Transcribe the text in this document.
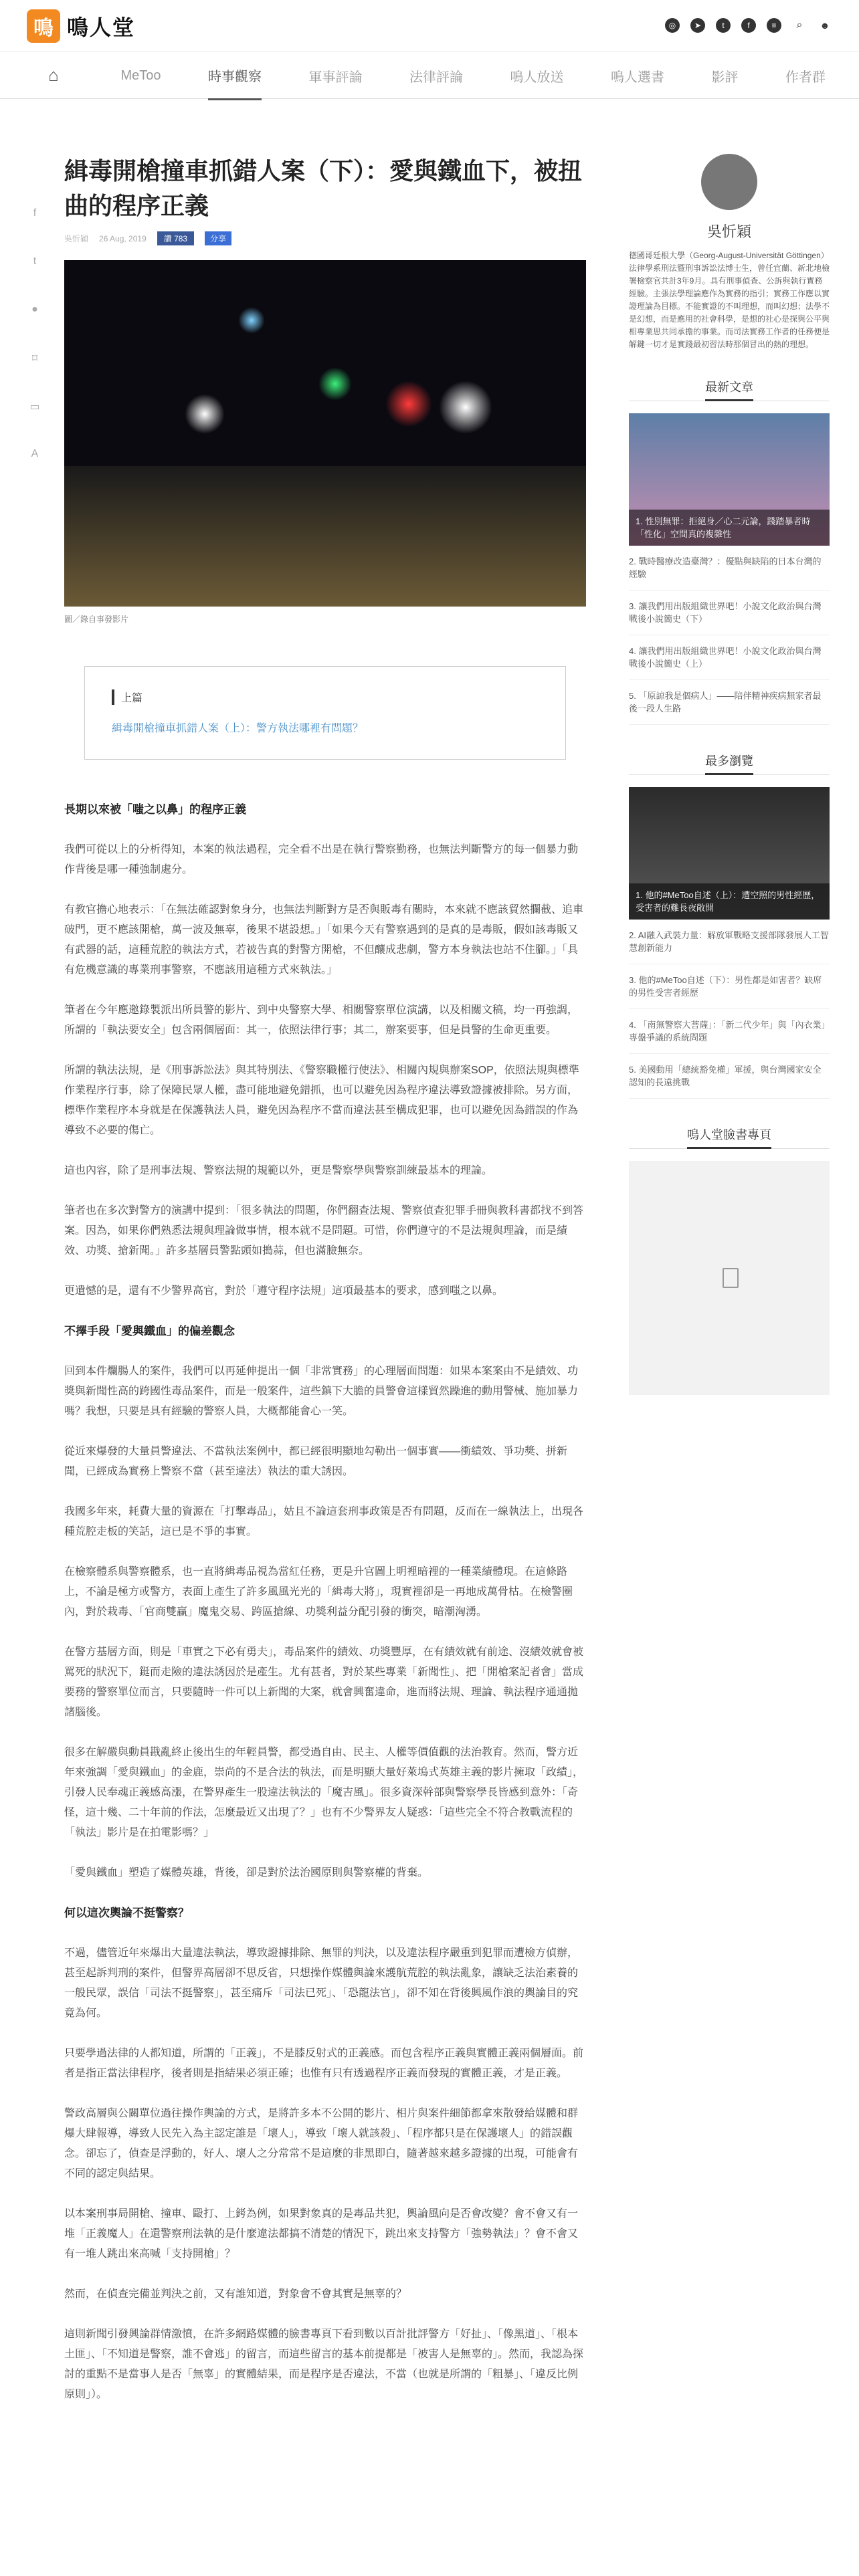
鳴 鳴人堂	◎	➤	t	f	≡	⌕	☻
⌂	MeToo	時事觀察	軍事評論	法律評論	鳴人放送	鳴人選書	影評	作者群
f
t
●
⌑
▭
A
緝毒開槍撞車抓錯人案（下）：愛與鐵血下，被扭曲的程序正義
吳忻穎 26 Aug, 2019	讚 783	分享
圖／錄自事發影片
上篇
緝毒開槍撞車抓錯人案（上）：警方執法哪裡有問題？
長期以來被「嗤之以鼻」的程序正義

我們可從以上的分析得知，本案的執法過程，完全看不出是在執行警察勤務，也無法判斷警方的每一個暴力動作背後是哪一種強制處分。

有教官擔心地表示：「在無法確認對象身分，也無法判斷對方是否與販毒有關時，本來就不應該貿然攔截、追車破門，更不應該開槍，萬一波及無辜，後果不堪設想。」「如果今天有警察遇到的是真的是毒販，假如該毒販又有武器的話，這種荒腔的執法方式，若被告真的對警方開槍，不但釀成悲劇，警方本身執法也站不住腳。」「具有危機意識的專業刑事警察，不應該用這種方式來執法。」

筆者在今年應邀錄製派出所員警的影片、到中央警察大學、相關警察單位演講，以及相關文稿，均一再強調，所謂的「執法要安全」包含兩個層面：其一，依照法律行事；其二，辦案要事，但是員警的生命更重要。

所謂的執法法規，是《刑事訴訟法》與其特別法、《警察職權行使法》、相關內規與辦案SOP，依照法規與標準作業程序行事，除了保障民眾人權，盡可能地避免錯抓，也可以避免因為程序違法導致證據被排除。另方面，標準作業程序本身就是在保護執法人員，避免因為程序不當而違法甚至構成犯罪，也可以避免因為錯誤的作為導致不必要的傷亡。

這也內容，除了是刑事法規、警察法規的規範以外，更是警察學與警察訓練最基本的理論。

筆者也在多次對警方的演講中提到：「很多執法的問題，你們翻查法規、警察偵查犯罪手冊與教科書都找不到答案。因為，如果你們熟悉法規與理論做事情，根本就不是問題。可惜，你們遵守的不是法規與理論，而是績效、功獎、搶新聞。」許多基層員警點頭如搗蒜，但也滿臉無奈。

更遺憾的是，還有不少警界高官，對於「遵守程序法規」這項最基本的要求，感到嗤之以鼻。

不擇手段「愛與鐵血」的偏差觀念

回到本件爛腸人的案件，我們可以再延伸提出一個「非常實務」的心理層面問題：如果本案案由不是績效、功獎與新聞性高的跨國性毒品案件，而是一般案件，這些鎮下大膽的員警會這樣貿然躁進的動用警械、施加暴力嗎？我想，只要是具有經驗的警察人員，大概都能會心一笑。

從近來爆發的大量員警違法、不當執法案例中，都已經很明顯地勾勒出一個事實——衝績效、爭功獎、拼新聞，已經成為實務上警察不當（甚至違法）執法的重大誘因。

我國多年來，耗費大量的資源在「打擊毒品」，姑且不論這套刑事政策是否有問題，反而在一線執法上，出現各種荒腔走板的笑話，這已是不爭的事實。

在檢察體系與警察體系，也一直將緝毒品視為當紅任務，更是升官圖上明裡暗裡的一種業績體現。在這條路上，不論是極方或警方，表面上產生了許多風風光光的「緝毒大將」，現實裡卻是一再地成萬骨枯。在檢警圈內，對於栽毒、「官商雙贏」魔鬼交易、跨區搶線、功獎利益分配引發的衝突，暗潮洶湧。

在警方基層方面，則是「車實之下必有勇夫」，毒品案件的績效、功獎豐厚，在有績效就有前途、沒績效就會被罵死的狀況下，鋌而走險的違法誘因於是產生。尤有甚者，對於某些專業「新聞性」、把「開槍案記者會」當成要務的警察單位而言，只要隨時一件可以上新聞的大案，就會興奮違命，進而將法規、理論、執法程序通通拋諸腦後。

很多在解嚴與動員戡亂終止後出生的年輕員警，都受過自由、民主、人權等價值觀的法治教育。然而，警方近年來強調「愛與鐵血」的金鹿，崇尚的不是合法的執法，而是明顯大量好萊塢式英雄主義的影片擁取「政績」，引發人民奉魂正義感高漲，在警界產生一股違法執法的「魔吉風」。很多資深幹部與警察學長皆感到意外：「奇怪，這十幾、二十年前的作法，怎麼最近又出現了？」也有不少警界友人疑惑：「這些完全不符合教戰流程的「執法」影片是在拍電影嗎？」

「愛與鐵血」塑造了媒體英雄，背後，卻是對於法治國原則與警察權的背棄。

何以這次輿論不挺警察？

不過，儘管近年來爆出大量違法執法，導致證據排除、無罪的判決，以及違法程序嚴重到犯罪而遭檢方偵辦，甚至起訴判刑的案件，但警界高層卻不思反省，只想操作媒體與論來護航荒腔的執法亂象，讓缺乏法治素養的一般民眾，誤信「司法不挺警察」，甚至痛斥「司法已死」、「恐龍法官」，卻不知在背後興風作浪的輿論目的究竟為何。

只要學過法律的人都知道，所謂的「正義」，不是膝反射式的正義感。而包含程序正義與實體正義兩個層面。前者是指正當法律程序，後者則是指結果必須正確；也惟有只有透過程序正義而發現的實體正義，才是正義。

警政高層與公關單位過往操作輿論的方式，是將許多本不公開的影片、相片與案件細節都拿來散發給媒體和群爆大肆報導，導致人民先入為主認定誰是「壞人」，導致「壞人就該殺」、「程序都只是在保護壞人」的錯誤觀念。卻忘了，偵查是浮動的，好人、壞人之分常常不是這麼的非黑即白，隨著越來越多證據的出現，可能會有不同的認定與結果。

以本案刑事局開槍、撞車、毆打、上銬為例，如果對象真的是毒品共犯，輿論風向是否會改變？會不會又有一堆「正義魔人」在還警察刑法執的是什麼違法都搞不清楚的情況下，跳出來支持警方「強勢執法」？會不會又有一堆人跳出來高喊「支持開槍」？

然而，在偵查完備並判決之前，又有誰知道，對象會不會其實是無辜的？

這則新聞引發興論群情激憤，在許多網路媒體的臉書專頁下看到數以百計批評警方「好扯」、「像黑道」、「根本土匪」、「不知道是警察，誰不會逃」的留言，而這些留言的基本前提都是「被害人是無辜的」。然而，我認為探討的重點不是當事人是否「無辜」的實體結果，而是程序是否違法，不當（也就是所謂的「粗暴」、「違反比例原則」）。

吳忻穎
德國哥廷根大學（Georg-August-Universität Göttingen）法律學系刑法暨刑事訴訟法博士生，曾任宜蘭、新北地檢署檢察官共計3年9月。具有刑事偵查、公訴與執行實務經驗。主張法學理論應作為實務的指引；實務工作應以實證理論為目標。不能實證的不叫理想，而叫幻想；法學不是幻想，而是應用的社會科學，是想的社心是探與公平與相專業思共同承擔的事業。而司法實務工作者的任務便是解鍵一切才是實踐最初習法時那個冒出的熱的理想。
最新文章
1. 性別無罪：拒絕身／心二元論，踐踏暴者時「性化」空間真的複雜性
2. 戰時醫療改造臺灣？：優點與缺陷的日本台灣的經驗
3. 讓我們用出版組織世界吧！小說文化政治與台灣戰後小說簡史（下）
4. 讓我們用出版組織世界吧！小說文化政治與台灣戰後小說簡史（上）
5. 「原諒我是個病人」——陪伴精神疾病無家者最後一段人生路
最多瀏覽
1. 他的#MeToo自述（上）：遭空照的男性經歷，受害者的難長夜敞開
2. AI融入武裝力量：解放軍戰略支援部隊發展人工智慧創新能力
3. 他的#MeToo自述（下）：男性都是如害者？缺席的男性受害者經歷
4. 「南無警察大菩薩」：「新二代少年」與「內衣業」專盤爭議的系統問題
5. 美國動用「總統豁免權」軍援，與台灣國家安全認知的長遠挑戰
鳴人堂臉書專頁
